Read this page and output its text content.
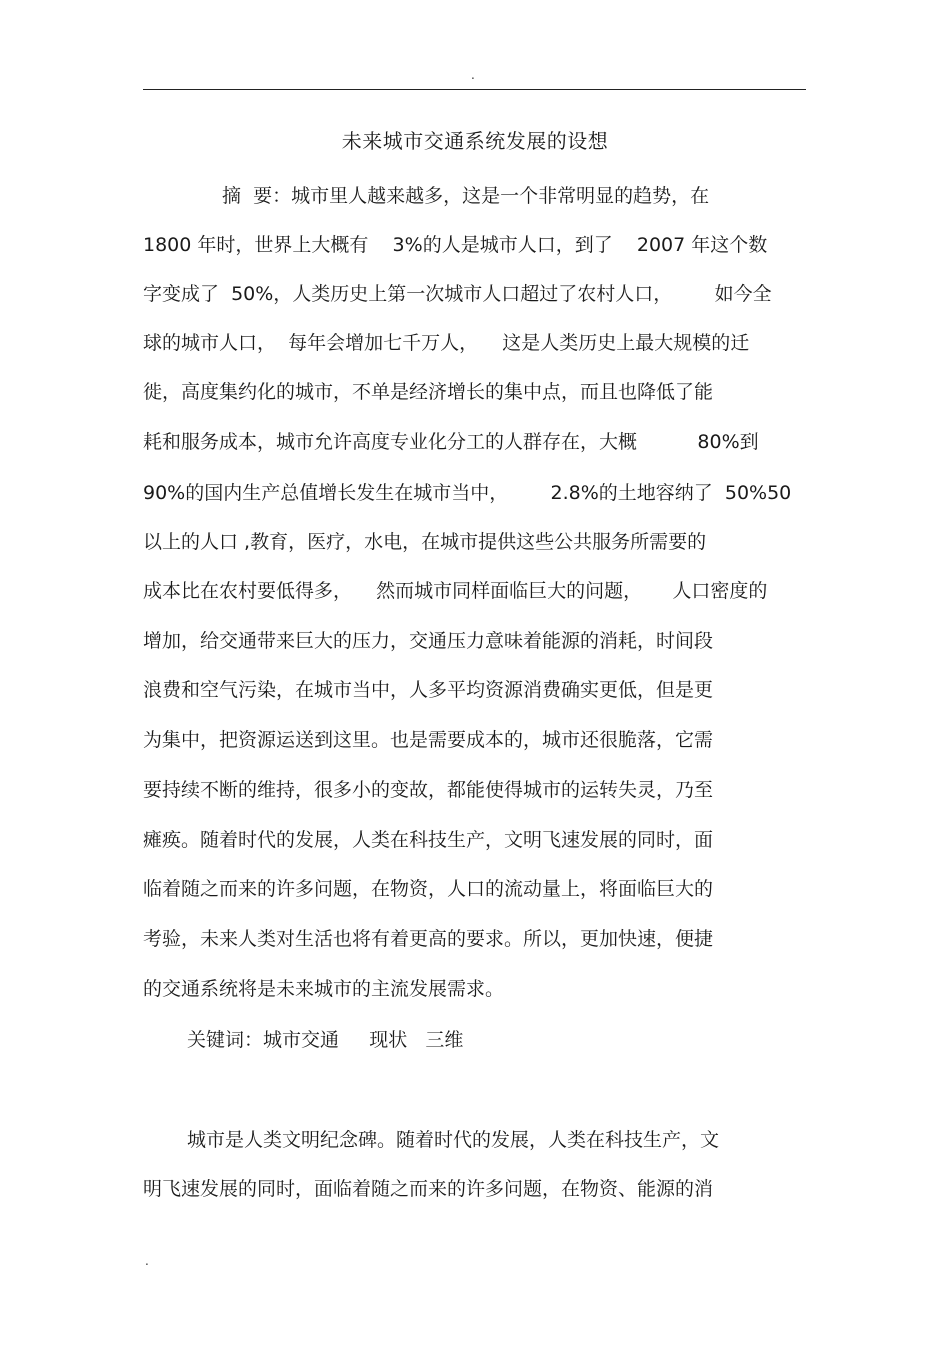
.
未来城市交通系统发展的设想
摘  要：城市里人越来越多，这是一个非常明显的趋势，在
1800 年时，世界上大概有    3%的人是城市人口，到了    2007 年这个数
字变成了  50%，人类历史上第一次城市人口超过了农村人口，       如今全
球的城市人口，  每年会增加七千万人，    这是人类历史上最大规模的迁
徙，高度集约化的城市，不单是经济增长的集中点，而且也降低了能
耗和服务成本，城市允许高度专业化分工的人群存在，大概          80%到
90%的国内生产总值增长发生在城市当中，       2.8%的土地容纳了  50%50
以上的人口 ,教育，医疗，水电，在城市提供这些公共服务所需要的
成本比在农村要低得多，    然而城市同样面临巨大的问题，     人口密度的
增加，给交通带来巨大的压力，交通压力意味着能源的消耗，时间段
浪费和空气污染，在城市当中，人多平均资源消费确实更低，但是更
为集中，把资源运送到这里。也是需要成本的，城市还很脆落，它需
要持续不断的维持，很多小的变故，都能使得城市的运转失灵，乃至
瘫痪。随着时代的发展，人类在科技生产，文明飞速发展的同时，面
临着随之而来的许多问题，在物资，人口的流动量上，将面临巨大的
考验，未来人类对生活也将有着更高的要求。所以，更加快速，便捷
的交通系统将是未来城市的主流发展需求。
关键词：城市交通     现状   三维
城市是人类文明纪念碑。随着时代的发展，人类在科技生产，文
明飞速发展的同时，面临着随之而来的许多问题，在物资、能源的消
.
